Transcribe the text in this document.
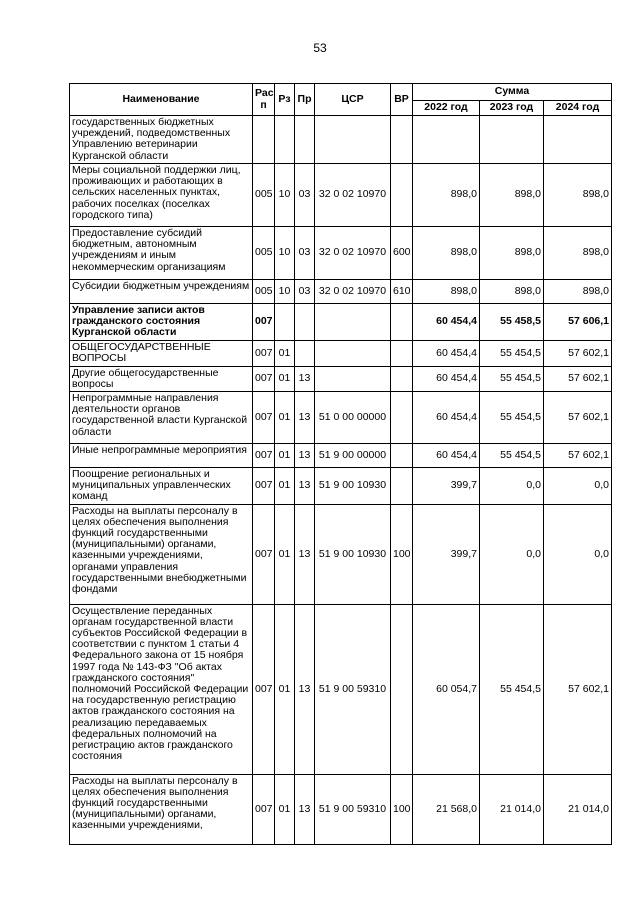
53
Наименование	Рас п	Рз	Пр	ЦСР	ВР	Сумма		
						2022 год	2023 год	2024 год
государственных бюджетных учреждений, подведомственных Управлению ветеринарии Курганской области								
Меры социальной поддержки лиц, проживающих и работающих в сельских населенных пунктах, рабочих поселках (поселках городского типа)	005	10	03	32 0 02 10970		898,0	898,0	898,0
Предоставление субсидий бюджетным, автономным учреждениям и иным некоммерческим организациям	005	10	03	32 0 02 10970	600	898,0	898,0	898,0
Субсидии бюджетным учреждениям	005	10	03	32 0 02 10970	610	898,0	898,0	898,0
Управление записи актов гражданского состояния Курганской области	007					60 454,4	55 458,5	57 606,1
ОБЩЕГОСУДАРСТВЕННЫЕ ВОПРОСЫ	007	01				60 454,4	55 454,5	57 602,1
Другие общегосударственные вопросы	007	01	13			60 454,4	55 454,5	57 602,1
Непрограммные направления деятельности органов государственной власти Курганской области	007	01	13	51 0 00 00000		60 454,4	55 454,5	57 602,1
Иные непрограммные мероприятия	007	01	13	51 9 00 00000		60 454,4	55 454,5	57 602,1
Поощрение региональных и муниципальных управленческих команд	007	01	13	51 9 00 10930		399,7	0,0	0,0
Расходы на выплаты персоналу в целях обеспечения выполнения функций государственными (муниципальными) органами, казенными учреждениями, органами управления государственными внебюджетными фондами	007	01	13	51 9 00 10930	100	399,7	0,0	0,0
Осуществление переданных органам государственной власти субъектов Российской Федерации в соответствии с пунктом 1 статьи 4 Федерального закона от 15 ноября 1997 года № 143-ФЗ "Об актах гражданского состояния" полномочий Российской Федерации на государственную регистрацию актов гражданского состояния на реализацию передаваемых федеральных полномочий на регистрацию актов гражданского состояния	007	01	13	51 9 00 59310		60 054,7	55 454,5	57 602,1
Расходы на выплаты персоналу в целях обеспечения выполнения функций государственными (муниципальными) органами, казенными учреждениями,	007	01	13	51 9 00 59310	100	21 568,0	21 014,0	21 014,0
